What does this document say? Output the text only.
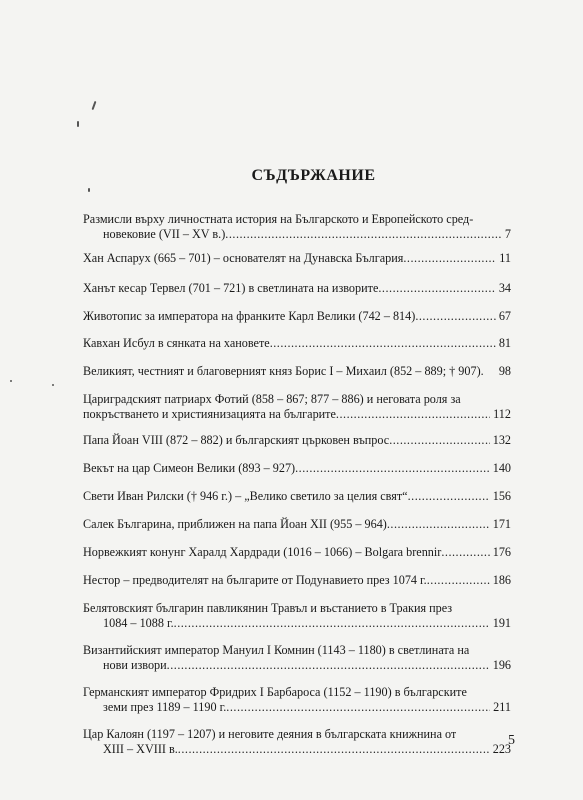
СЪДЪРЖАНИЕ
Размисли върху личностната история на Българското и Европейското сред-
новековие (VII – XV в.) .....	7
Хан Аспарух (665 – 701) – основателят на Дунавска България .....	11
Ханът кесар Тервел (701 – 721) в светлината на изворите .....	34
Животопис за императора на франките Карл Велики (742 – 814) .....	67
Кавхан Исбул в сянката на хановете .....	81
Великият, честният и благоверният княз Борис I – Михаил (852 – 889; † 907). 98
Цариградският патриарх Фотий (858 – 867; 877 – 886) и неговата роля за
покръстването и християнизацията на българите .....	112
Папа Йоан VIII (872 – 882) и българският църковен въпрос .....	132
Векът на цар Симеон Велики (893 – 927) .....	140
Свети Иван Рилски († 946 г.) – „Велико светило за целия свят“ .....	156
Салек Българина, приближен на папа Йоан XII (955 – 964) .....	171
Норвежкият конунг Харалд Хардради (1016 – 1066) – Bolgara brennir .....	176
Нестор – предводителят на българите от Подунавието през 1074 г. .....	186
Белятовският българин павликянин Травъл и въстанието в Тракия през
1084 – 1088 г. .....	191
Византийският император Мануил I Комнин (1143 – 1180) в светлината на
нови извори .....	196
Германският император Фридрих I Барбароса (1152 – 1190) в българските
земи през 1189 – 1190 г. .....	211
Цар Калоян (1197 – 1207) и неговите деяния в българската книжнина от
XIII – XVIII в. .....	223
5
